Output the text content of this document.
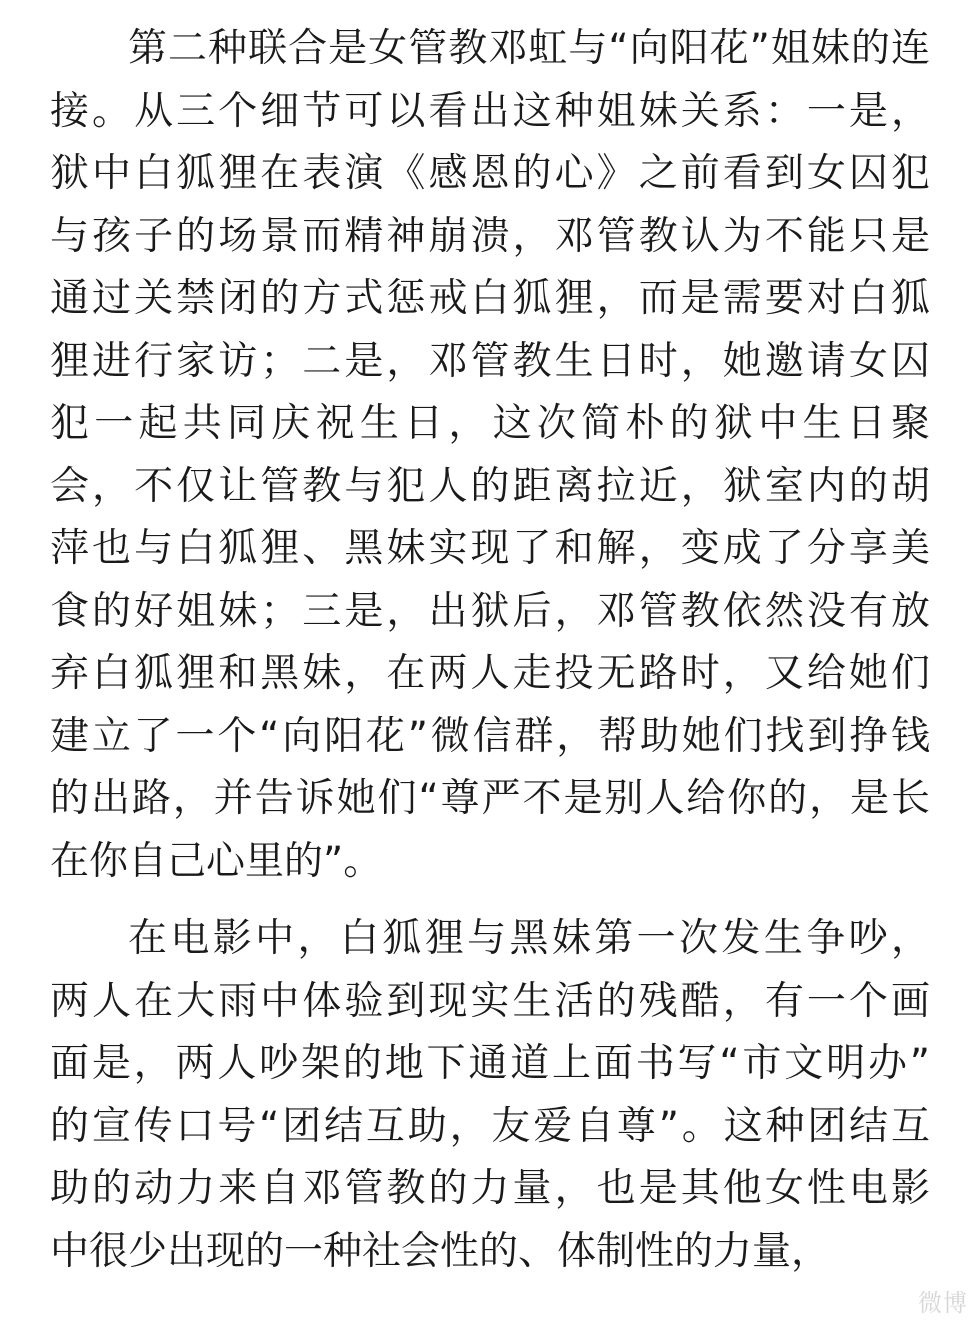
第二种联合是女管教邓虹与“向阳花”姐妹的连
接。从三个细节可以看出这种姐妹关系：一是，
狱中白狐狸在表演《感恩的心》之前看到女囚犯
与孩子的场景而精神崩溃，邓管教认为不能只是
通过关禁闭的方式惩戒白狐狸，而是需要对白狐
狸进行家访；二是，邓管教生日时，她邀请女囚
犯一起共同庆祝生日，这次简朴的狱中生日聚
会，不仅让管教与犯人的距离拉近，狱室内的胡
萍也与白狐狸、黑妹实现了和解，变成了分享美
食的好姐妹；三是，出狱后，邓管教依然没有放
弃白狐狸和黑妹，在两人走投无路时，又给她们
建立了一个“向阳花”微信群，帮助她们找到挣钱
的出路，并告诉她们“尊严不是别人给你的，是长
在你自己心里的”。
在电影中，白狐狸与黑妹第一次发生争吵，
两人在大雨中体验到现实生活的残酷，有一个画
面是，两人吵架的地下通道上面书写“市文明办”
的宣传口号“团结互助，友爱自尊”。这种团结互
助的动力来自邓管教的力量，也是其他女性电影
中很少出现的一种社会性的、体制性的力量，
微博
